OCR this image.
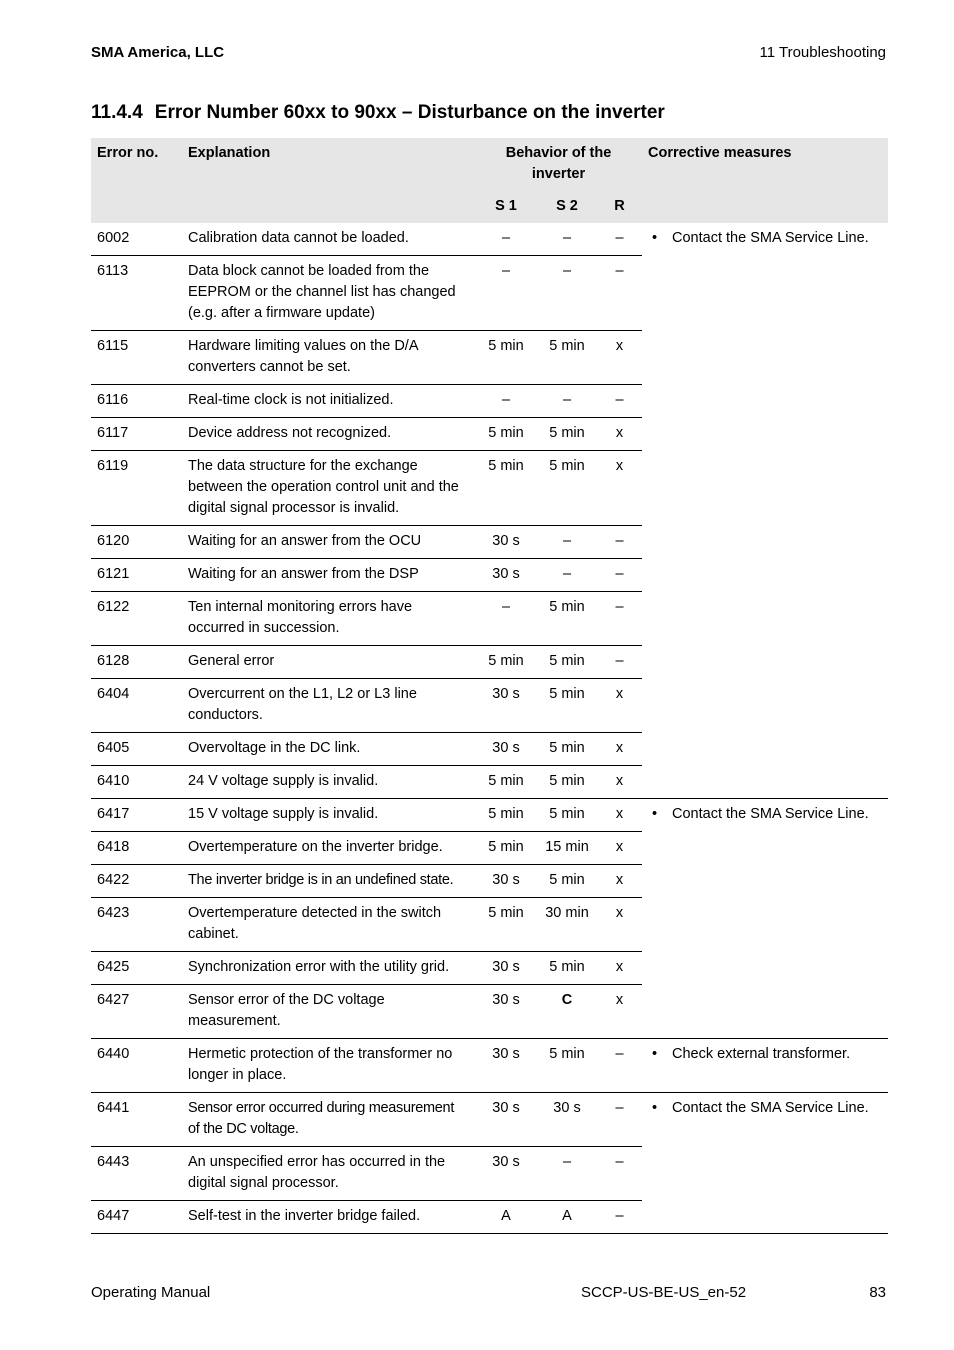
SMA America, LLC	11 Troubleshooting
11.4.4 Error Number 60xx to 90xx – Disturbance on the inverter
Error no.	Explanation	Behavior of the inverter			Corrective measures
		S 1	S 2	R	
6002	Calibration data cannot be loaded.	–	–	–	• Contact the SMA Service Line.

6113	Data block cannot be loaded from the EEPROM or the channel list has changed (e.g. after a firmware update)	–	–	–	
6115	Hardware limiting values on the D/A converters cannot be set.	5 min	5 min	x	
6116	Real-time clock is not initialized.	–	–	–	
6117	Device address not recognized.	5 min	5 min	x	
6119	The data structure for the exchange between the operation control unit and the digital signal processor is invalid.	5 min	5 min	x	
6120	Waiting for an answer from the OCU	30 s	–	–	
6121	Waiting for an answer from the DSP	30 s	–	–	
6122	Ten internal monitoring errors have occurred in succession.	–	5 min	–	
6128	General error	5 min	5 min	–	
6404	Overcurrent on the L1, L2 or L3 line conductors.	30 s	5 min	x	
6405	Overvoltage in the DC link.	30 s	5 min	x	
6410	24 V voltage supply is invalid.	5 min	5 min	x	
6417	15 V voltage supply is invalid.	5 min	5 min	x	• Contact the SMA Service Line.

6418	Overtemperature on the inverter bridge.	5 min	15 min	x	
6422	The inverter bridge is in an undefined state.	30 s	5 min	x	
6423	Overtemperature detected in the switch cabinet.	5 min	30 min	x	
6425	Synchronization error with the utility grid.	30 s	5 min	x	
6427	Sensor error of the DC voltage measurement.	30 s	C	x	
6440	Hermetic protection of the transformer no longer in place.	30 s	5 min	–	• Check external transformer.

6441	Sensor error occurred during measurement of the DC voltage.	30 s	30 s	–	• Contact the SMA Service Line.

6443	An unspecified error has occurred in the digital signal processor.	30 s	–	–	
6447	Self-test in the inverter bridge failed.	A	A	–	
Operating Manual	SCCP-US-BE-US_en-52	83
